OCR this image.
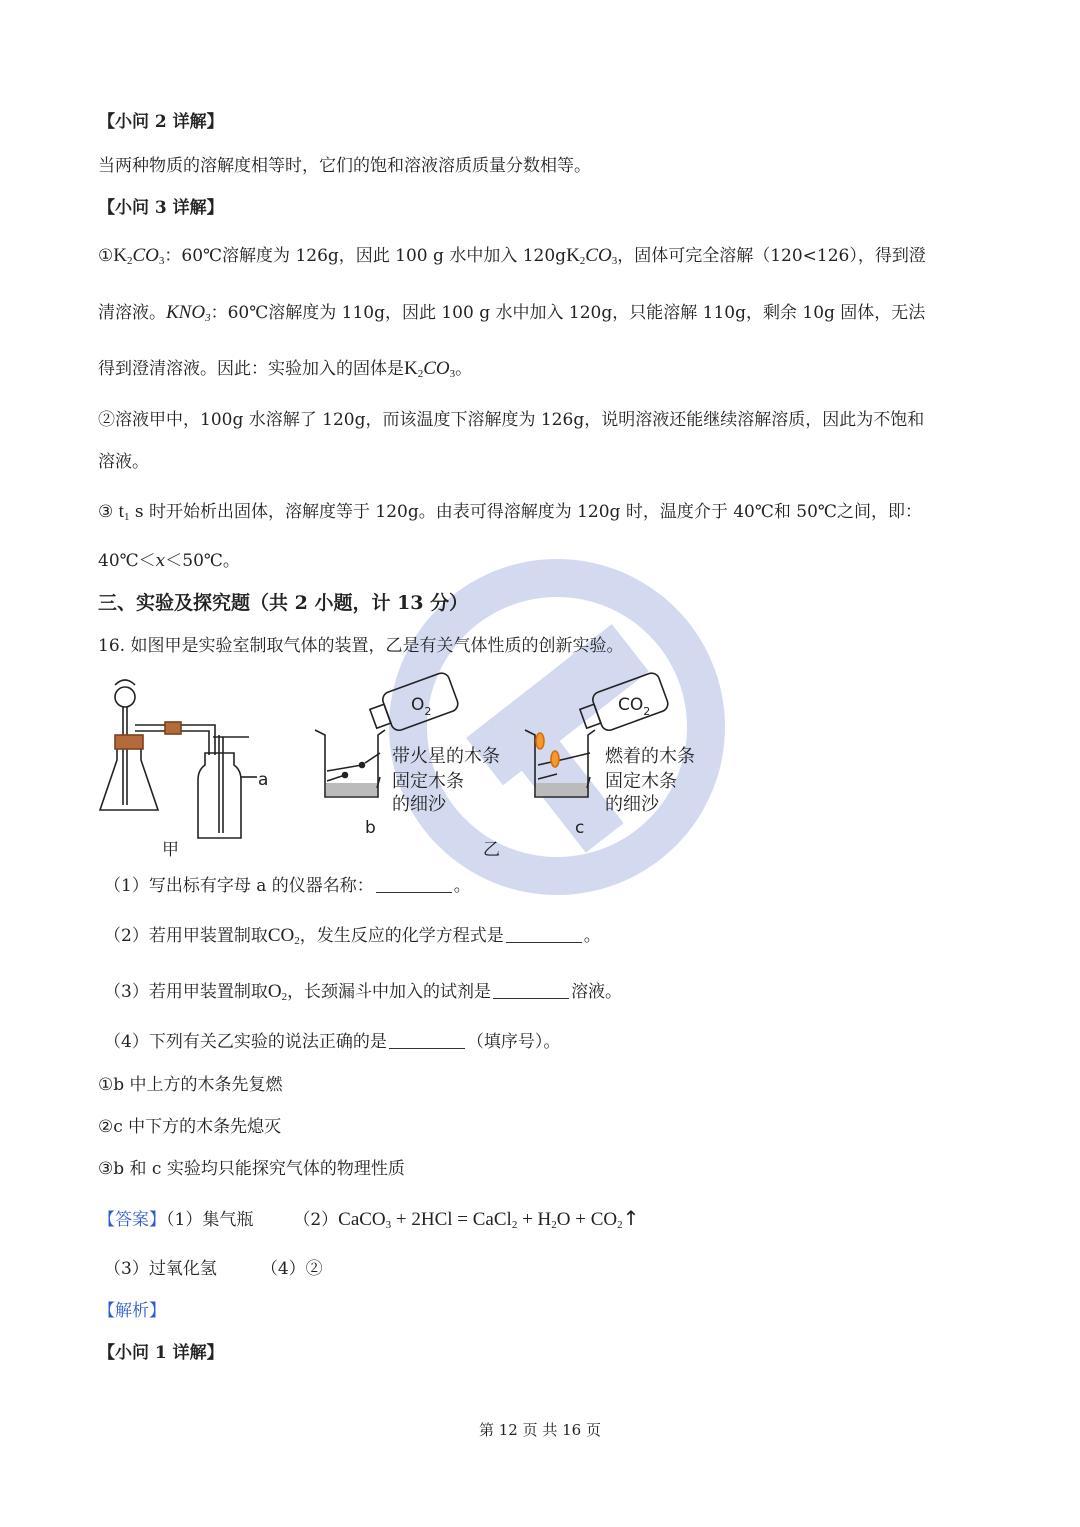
【小问 2 详解】
当两种物质的溶解度相等时，它们的饱和溶液溶质质量分数相等。
【小问 3 详解】
$①K_2CO_3$：60℃溶解度为 126g，因此 100 g 水中加入 $120gK_2CO_3$，固体可完全溶解（120<126），得到澄
清溶液。$KNO_3$：60℃溶解度为 110g，因此 100 g 水中加入 120g，只能溶解 110g，剩余 10g 固体，无法
得到澄清溶液。因此：实验加入的固体是$K_2CO_3$。
②溶液甲中，100g 水溶解了 120g，而该温度下溶解度为 126g，说明溶液还能继续溶解溶质，因此为不饱和
溶液。
③ $t_1$ s 时开始析出固体，溶解度等于 120g。由表可得溶解度为 120g 时，温度介于 40℃和 50℃之间，即：
40℃＜x＜50℃。
三、实验及探究题（共 2 小题，计 13 分）
16. 如图甲是实验室制取气体的装置，乙是有关气体性质的创新实验。
a
甲	乙
b	c
$O_2$	$CO_2$
带火星的木条
固定木条
的细沙
燃着的木条
固定木条
的细沙
（1）写出标有字母 a 的仪器名称：	。
（2）若用甲装置制取$CO_2$，发生反应的化学方程式是	。
（3）若用甲装置制取$O_2$，长颈漏斗中加入的试剂是	溶液。
（4）下列有关乙实验的说法正确的是	（填序号）。
①b 中上方的木条先复燃
②c 中下方的木条先熄灭
③b 和 c 实验均只能探究气体的物理性质
【答案】（1）集气瓶 （2）CaCO$_3$ + 2HCl = CaCl$_2$ + $H_2O$ + $CO_2↑$
（3）过氧化氢	（4）②
【解析】
【小问 1 详解】
第 12 页 共 16 页
